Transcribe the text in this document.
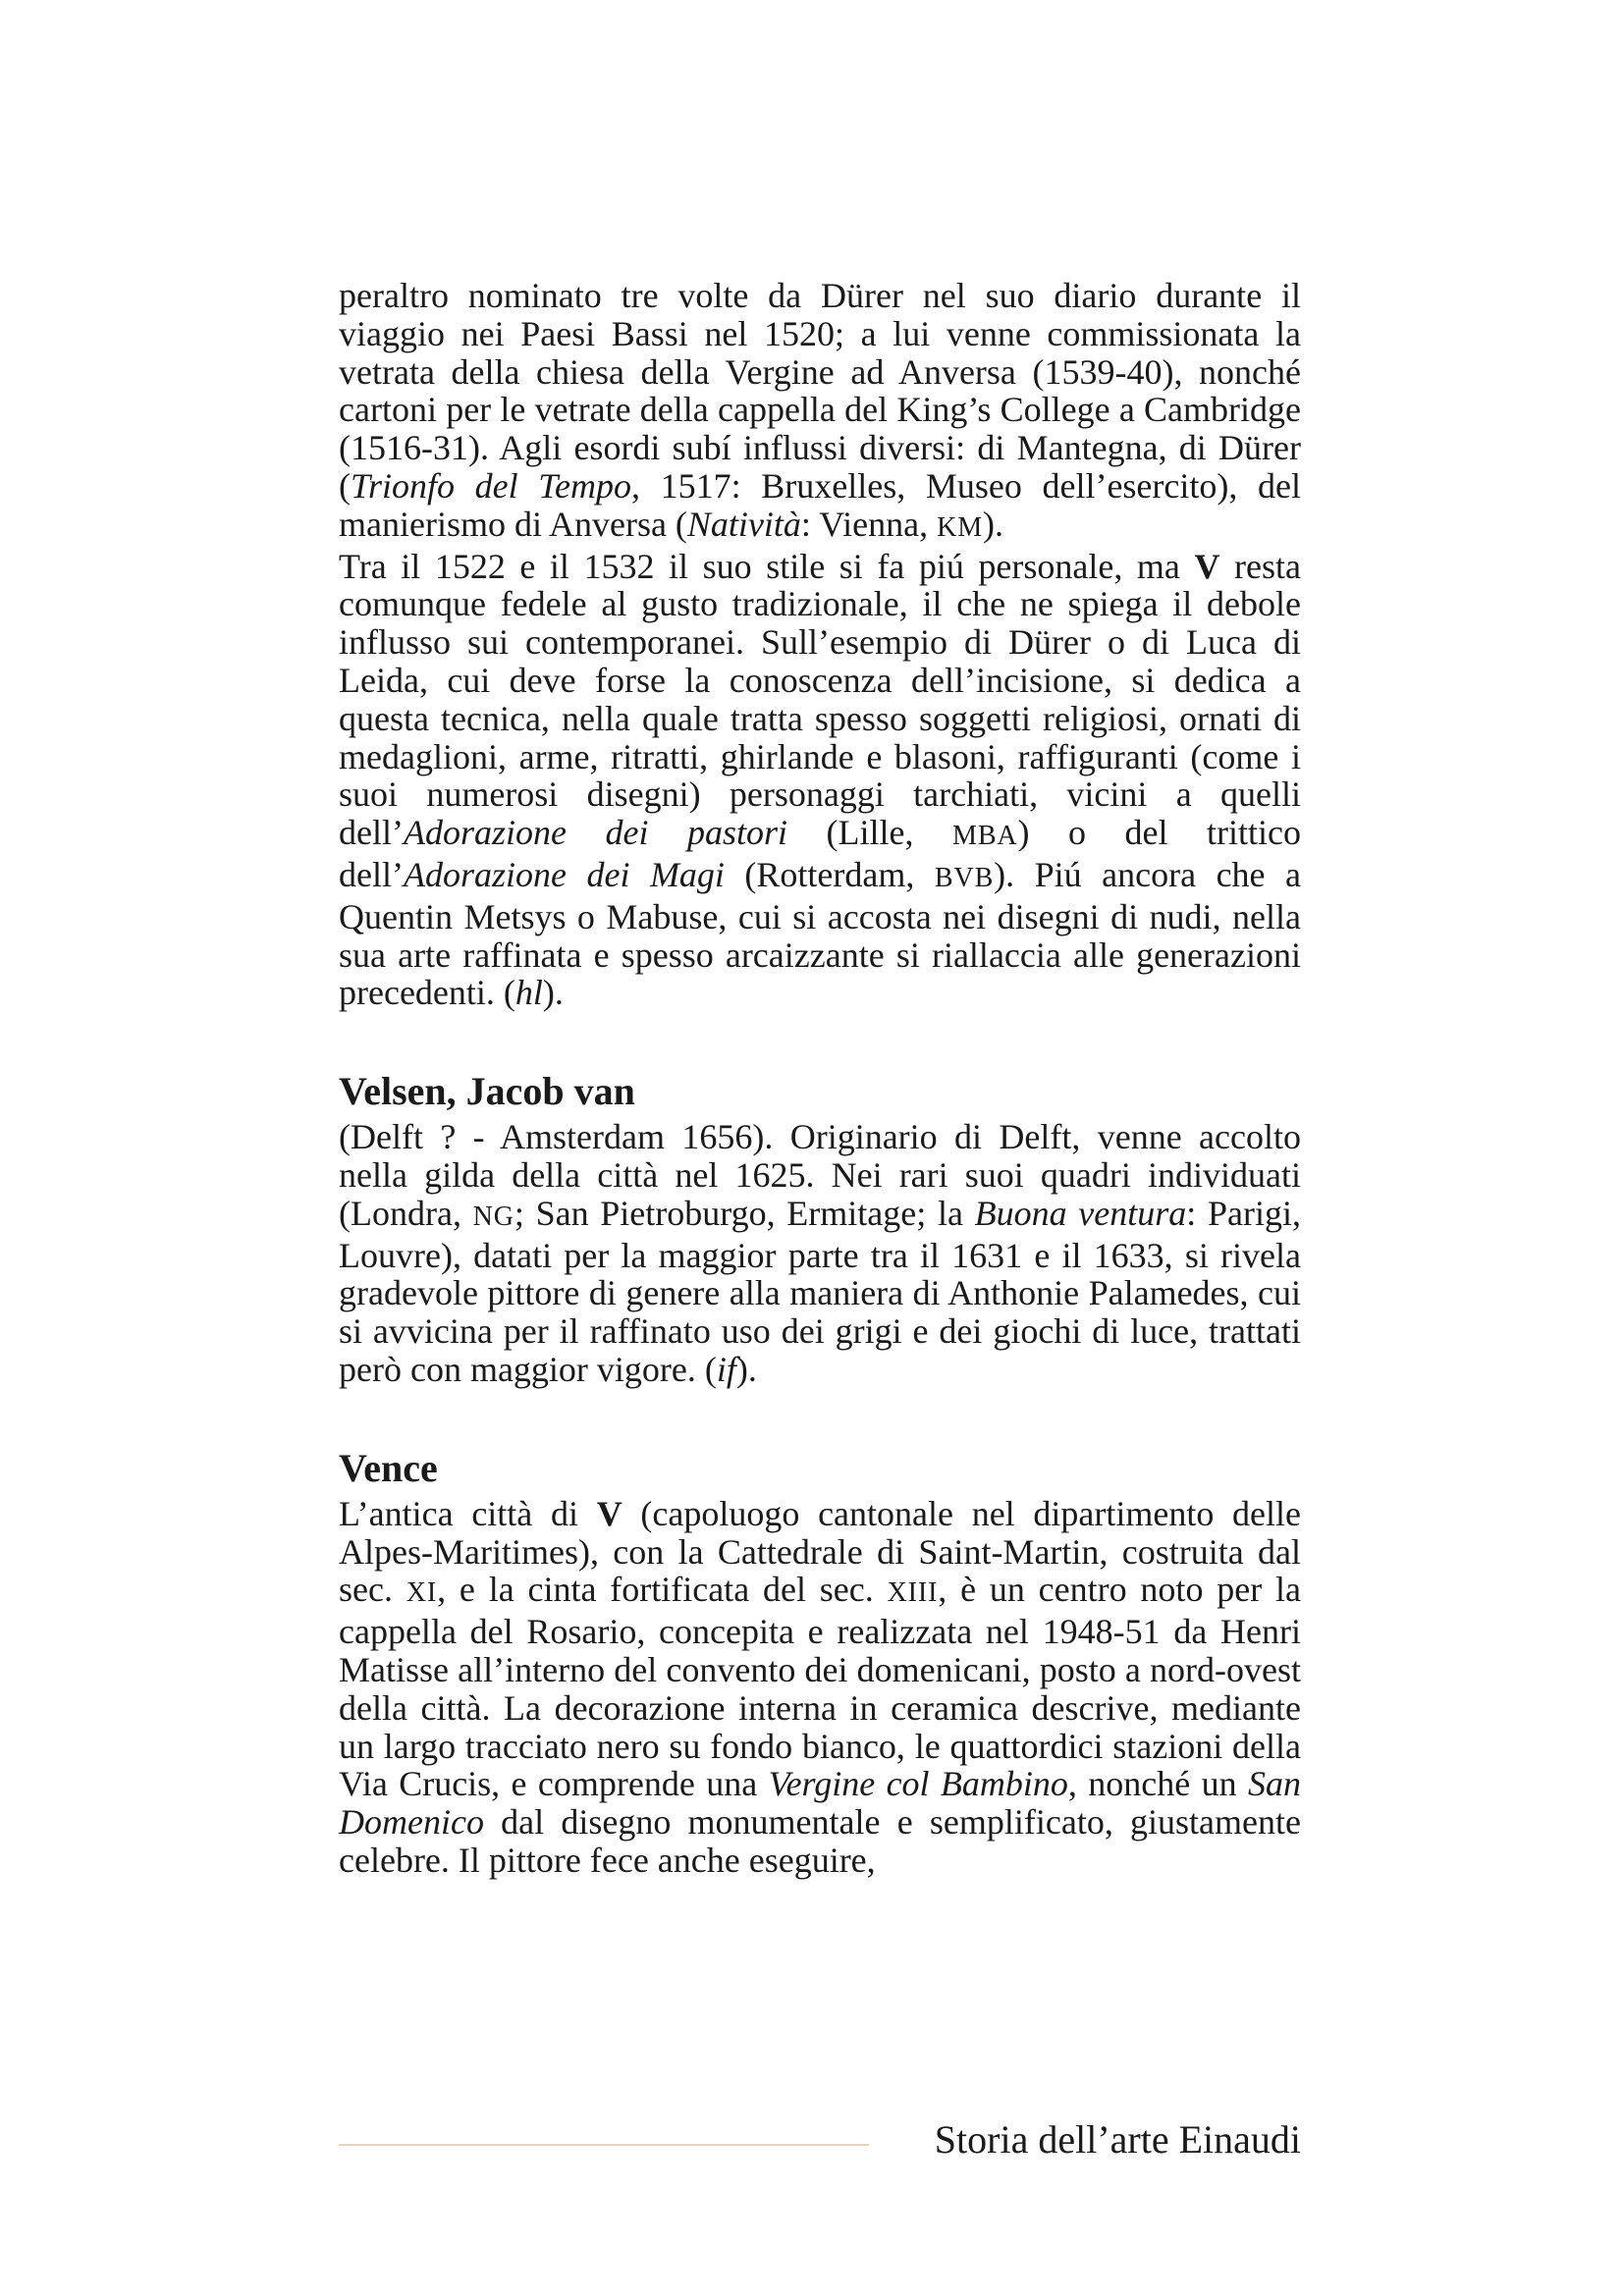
peraltro nominato tre volte da Dürer nel suo diario durante il viaggio nei Paesi Bassi nel 1520; a lui venne commissionata la vetrata della chiesa della Vergine ad Anversa (1539-40), nonché cartoni per le vetrate della cappella del King’s College a Cambridge (1516-31). Agli esordi subí influssi diversi: di Mantegna, di Dürer (Trionfo del Tempo, 1517: Bruxelles, Museo dell’esercito), del manierismo di Anversa (Natività: Vienna, KM).

Tra il 1522 e il 1532 il suo stile si fa piú personale, ma V resta comunque fedele al gusto tradizionale, il che ne spiega il debole influsso sui contemporanei. Sull’esempio di Dürer o di Luca di Leida, cui deve forse la conoscenza dell’incisione, si dedica a questa tecnica, nella quale tratta spesso soggetti religiosi, ornati di medaglioni, arme, ritratti, ghirlande e blasoni, raffiguranti (come i suoi numerosi disegni) personaggi tarchiati, vicini a quelli dell’Adorazione dei pastori (Lille, MBA) o del trittico dell’Adorazione dei Magi (Rotterdam, BVB). Piú ancora che a Quentin Metsys o Mabuse, cui si accosta nei disegni di nudi, nella sua arte raffinata e spesso arcaizzante si riallaccia alle generazioni precedenti. (hl).

Velsen, Jacob van

(Delft ? - Amsterdam 1656). Originario di Delft, venne accolto nella gilda della città nel 1625. Nei rari suoi quadri individuati (Londra, NG; San Pietroburgo, Ermitage; la Buona ventura: Parigi, Louvre), datati per la maggior parte tra il 1631 e il 1633, si rivela gradevole pittore di genere alla maniera di Anthonie Palamedes, cui si avvicina per il raffinato uso dei grigi e dei giochi di luce, trattati però con maggior vigore. (if).

Vence

L’antica città di V (capoluogo cantonale nel dipartimento delle Alpes-Maritimes), con la Cattedrale di Saint-Martin, costruita dal sec. XI, e la cinta fortificata del sec. XIII, è un centro noto per la cappella del Rosario, concepita e realizzata nel 1948-51 da Henri Matisse all’interno del convento dei domenicani, posto a nord-ovest della città. La decorazione interna in ceramica descrive, mediante un largo tracciato nero su fondo bianco, le quattordici stazioni della Via Crucis, e comprende una Vergine col Bambino, nonché un San Domenico dal disegno monumentale e semplificato, giustamente celebre. Il pittore fece anche eseguire,

Storia dell’arte Einaudi
